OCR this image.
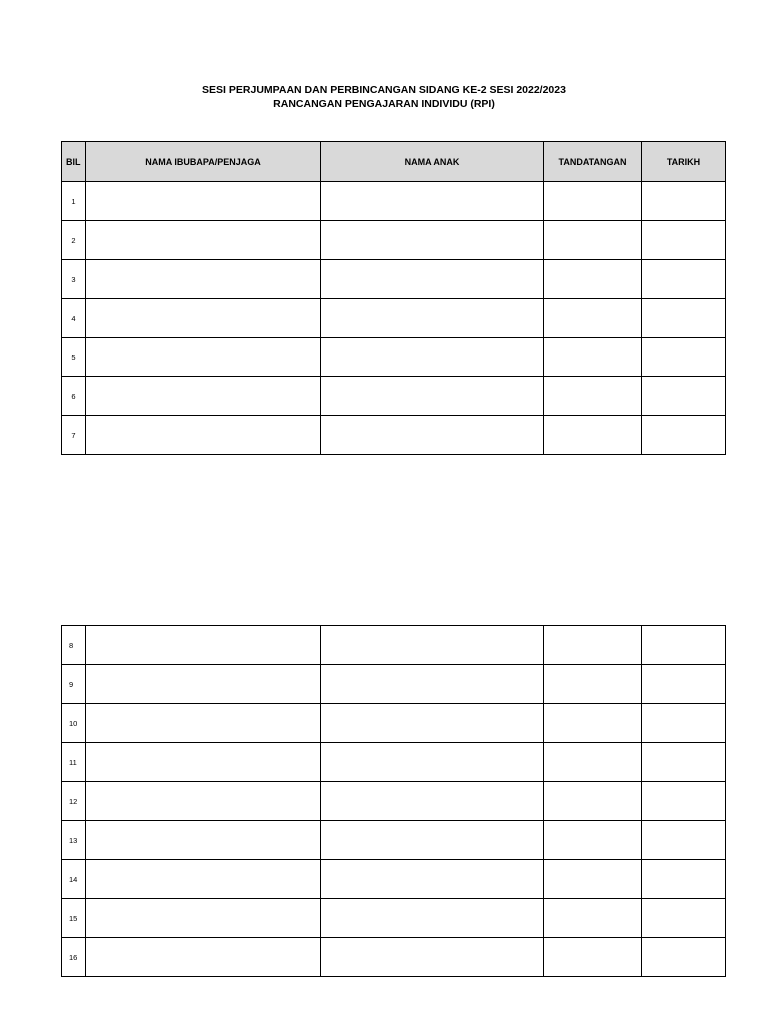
SESI PERJUMPAAN DAN PERBINCANGAN SIDANG KE-2 SESI 2022/2023
RANCANGAN PENGAJARAN INDIVIDU (RPI)
BIL	NAMA IBUBAPA/PENJAGA	NAMA ANAK	TANDATANGAN	TARIKH
1				
2				
3				
4				
5				
6				
7				
8				
9				
10				
11				
12				
13				
14				
15				
16				
